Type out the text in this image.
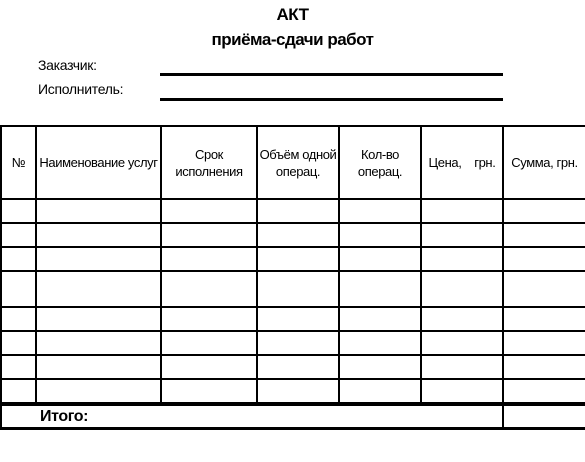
АКТ
приёма-сдачи работ
Заказчик:
Исполнитель:
№	Наименование услуг	Срок исполнения	Объём одной операц.	Кол-во операц.	Цена,    грн.	Сумма, грн.

Итого:						
